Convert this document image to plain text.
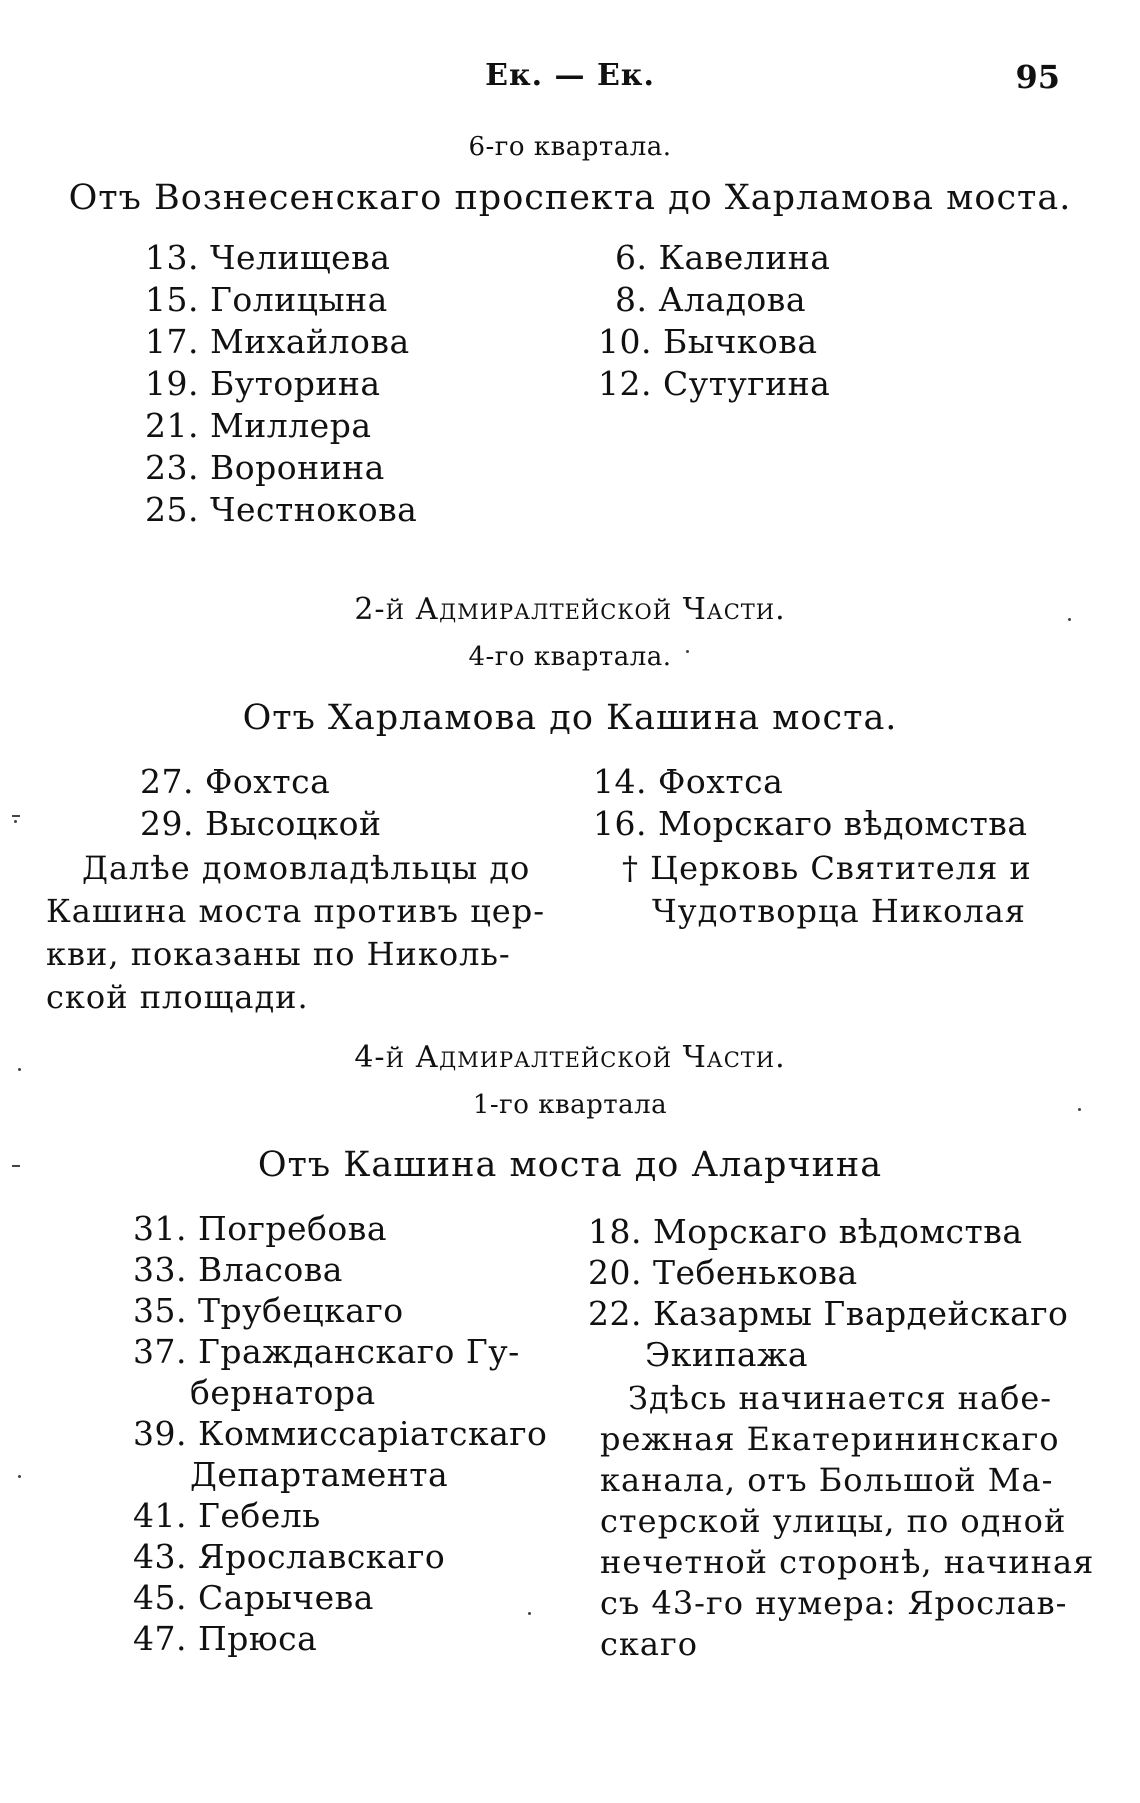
Ек. — Ек.	95
6-го квартала.
Отъ Вознесенскаго проспекта до Харламова моста.
13. Челищева
15. Голицына
17. Михайлова
19. Буторина
21. Миллера
23. Воронина
25. Честнокова
6. Кавелина
8. Аладова
10. Бычкова
12. Сутугина
2-й Адмиралтейской Части.
4-го квартала.
Отъ Харламова до Кашина моста.
27. Фохтса
29. Высоцкой
Далѣе домовладѣльцы до
Кашина моста противъ цер-
кви, показаны по Николь-
ской площади.
14. Фохтса
16. Морскаго вѣдомства
† Церковь Святителя и
Чудотворца Николая
4-й Адмиралтейской Части.
1-го квартала
Отъ Кашина моста до Аларчина
31. Погребова
33. Власова
35. Трубецкаго
37. Гражданскаго Гу-
бернатора
39. Коммиссаріатскаго
Департамента
41. Гебель
43. Ярославскаго
45. Сарычева
47. Прюса
18. Морскаго вѣдомства
20. Тебенькова
22. Казармы Гвардейскаго
Экипажа
Здѣсь начинается набе-
режная Екатерининскаго
канала, отъ Большой Ма-
стерской улицы, по одной
нечетной сторонѣ, начиная
съ 43-го нумера: Ярослав-
скаго
